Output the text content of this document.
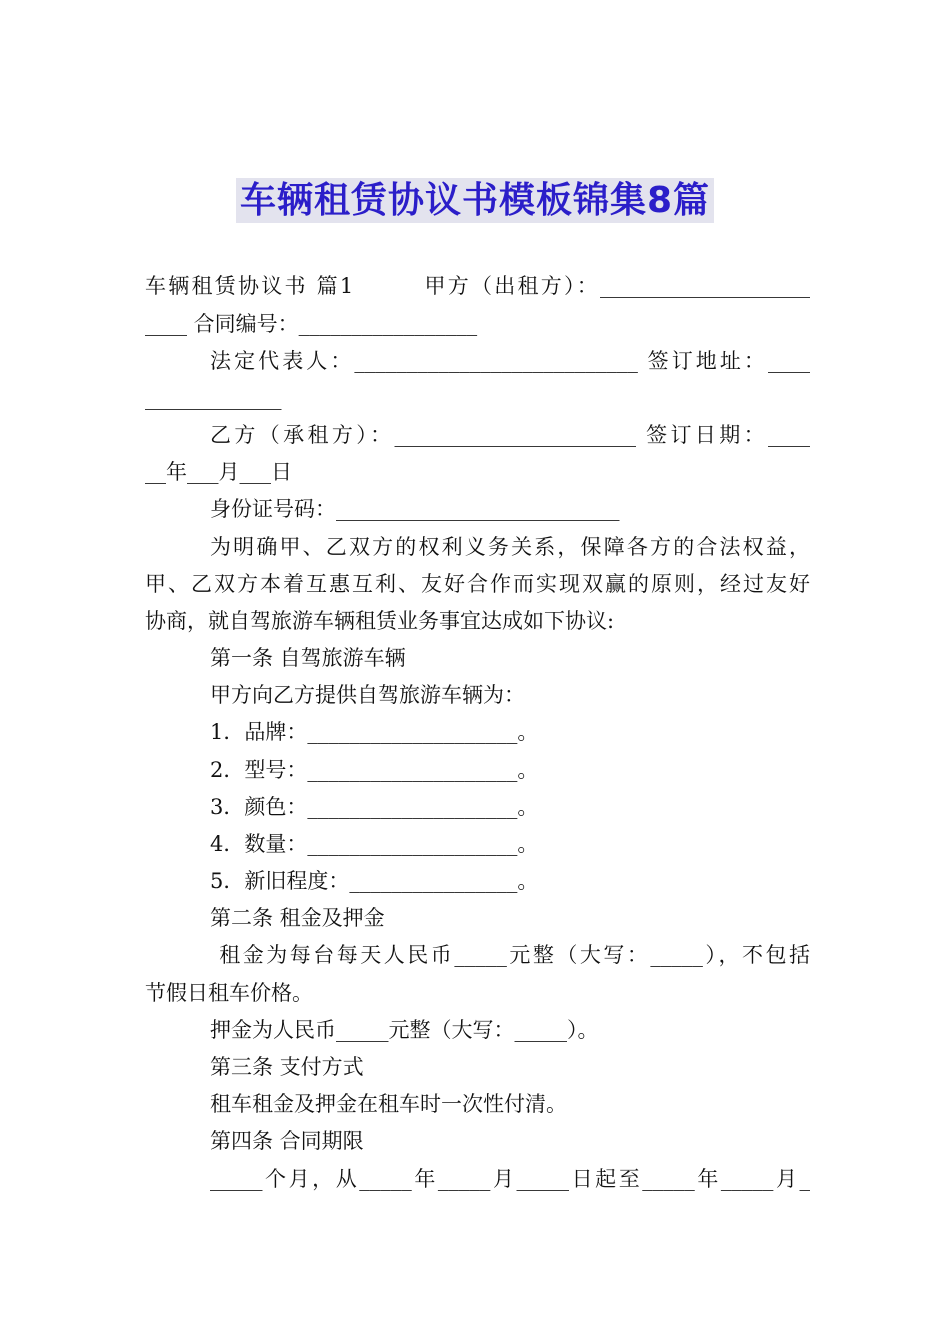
车辆租赁协议书模板锦集8篇
车辆租赁协议书 篇1        甲方（出租方）：____________________
____ 合同编号：_________________
法定代表人：___________________________ 签订地址：____
_____________
乙方（承租方）：_______________________ 签订日期：____
__年___月___日
身份证号码：___________________________
为明确甲、乙双方的权利义务关系，保障各方的合法权益，
甲、乙双方本着互惠互利、友好合作而实现双赢的原则，经过友好
协商，就自驾旅游车辆租赁业务事宜达成如下协议:
第一条 自驾旅游车辆
甲方向乙方提供自驾旅游车辆为：
1．品牌：____________________。
2．型号：____________________。
3．颜色：____________________。
4．数量：____________________。
5．新旧程度：________________。
第二条 租金及押金
租金为每台每天人民币_____元整（大写：_____），不包括
节假日租车价格。
押金为人民币_____元整（大写：_____）。
第三条 支付方式
租车租金及押金在租车时一次性付清。
第四条 合同期限
_____个月，从_____年_____月_____日起至_____年_____月_
